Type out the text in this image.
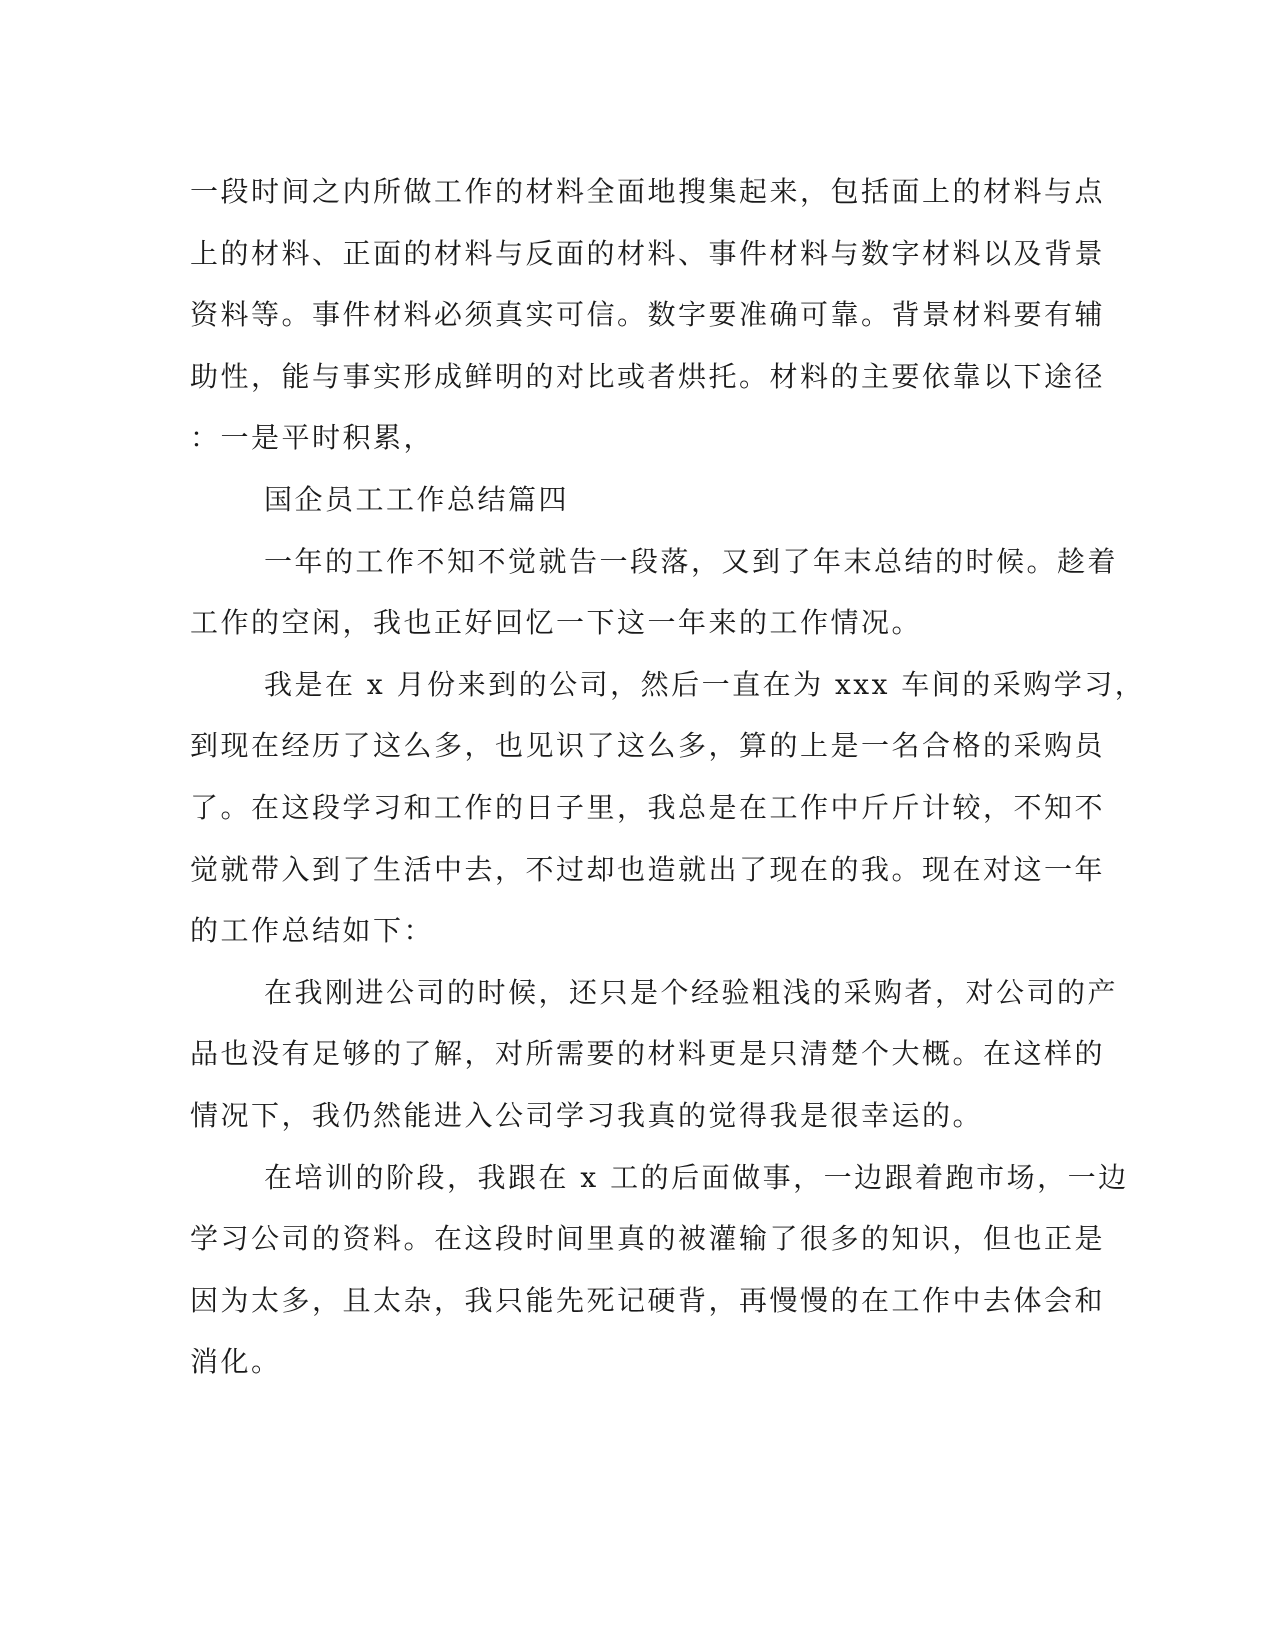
一段时间之内所做工作的材料全面地搜集起来，包括面上的材料与点
上的材料、正面的材料与反面的材料、事件材料与数字材料以及背景
资料等。事件材料必须真实可信。数字要准确可靠。背景材料要有辅
助性，能与事实形成鲜明的对比或者烘托。材料的主要依靠以下途径
：一是平时积累，
国企员工工作总结篇四
一年的工作不知不觉就告一段落，又到了年末总结的时候。趁着
工作的空闲，我也正好回忆一下这一年来的工作情况。
我是在 x 月份来到的公司，然后一直在为 xxx 车间的采购学习，
到现在经历了这么多，也见识了这么多，算的上是一名合格的采购员
了。在这段学习和工作的日子里，我总是在工作中斤斤计较，不知不
觉就带入到了生活中去，不过却也造就出了现在的我。现在对这一年
的工作总结如下：
在我刚进公司的时候，还只是个经验粗浅的采购者，对公司的产
品也没有足够的了解，对所需要的材料更是只清楚个大概。在这样的
情况下，我仍然能进入公司学习我真的觉得我是很幸运的。
在培训的阶段，我跟在 x 工的后面做事，一边跟着跑市场，一边
学习公司的资料。在这段时间里真的被灌输了很多的知识，但也正是
因为太多，且太杂，我只能先死记硬背，再慢慢的在工作中去体会和
消化。
